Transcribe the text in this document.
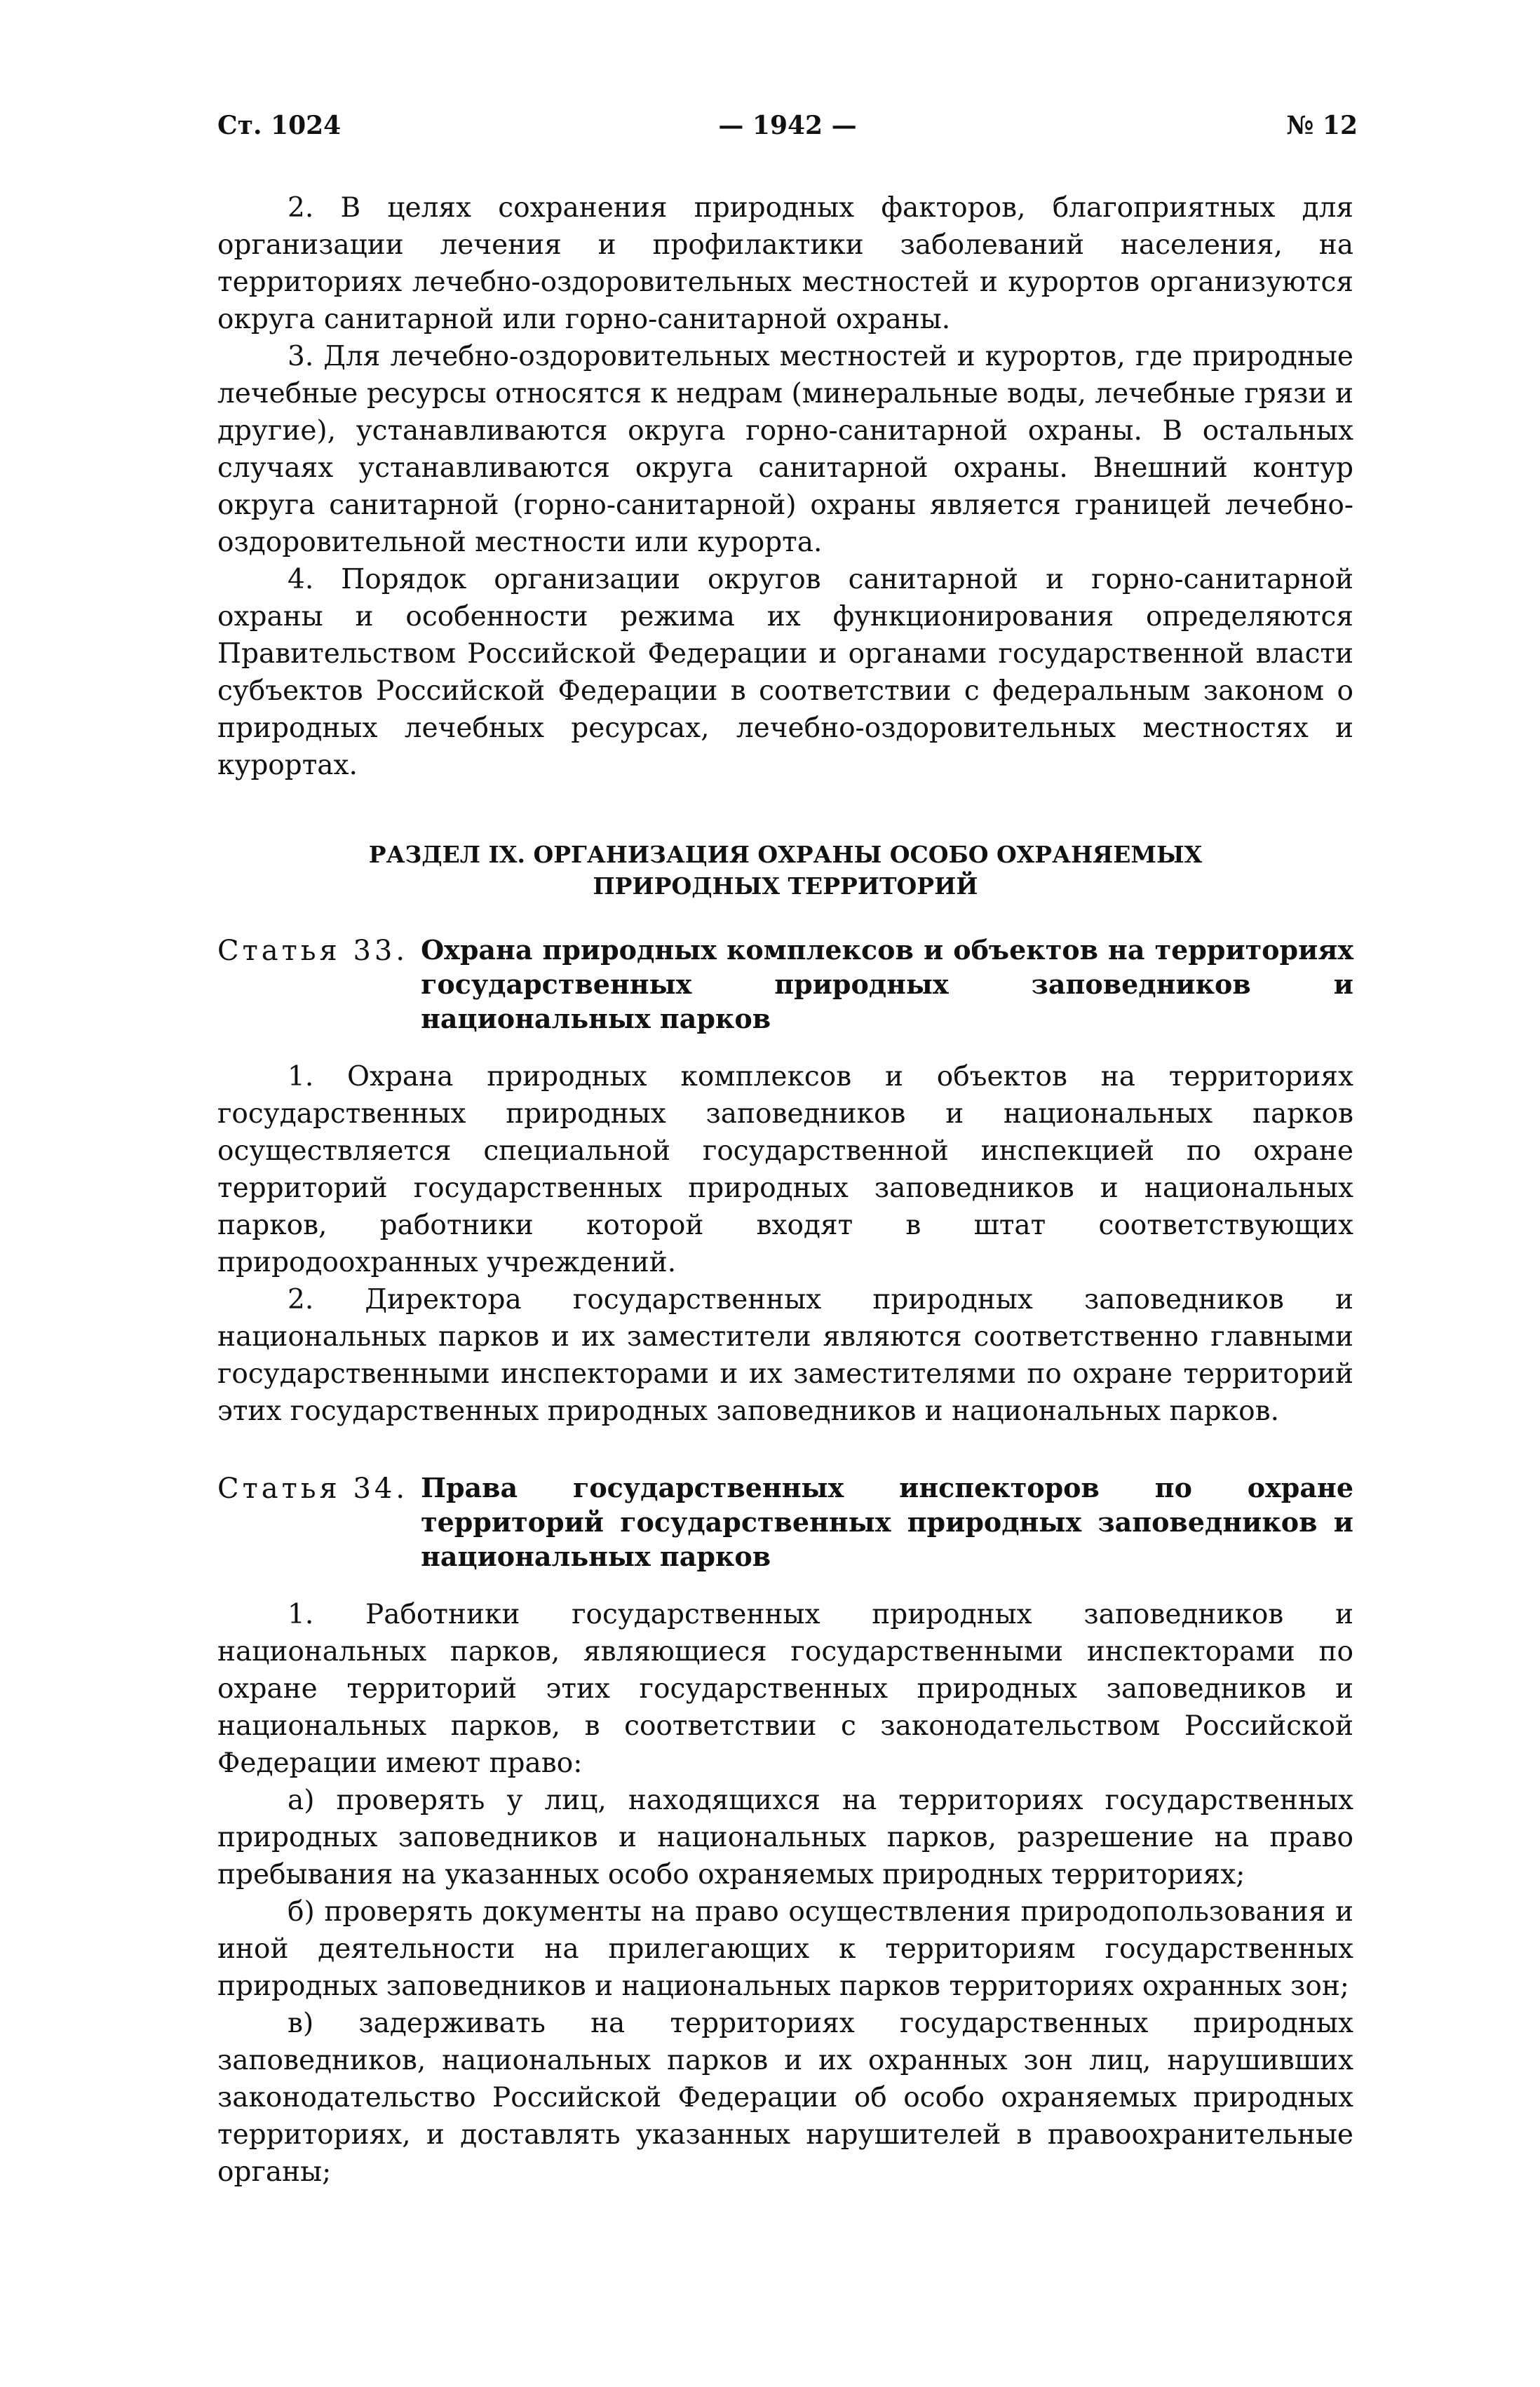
Ст. 1024	— 1942 —	№ 12

2. В целях сохранения природных факторов, благоприятных для организации лечения и профилактики заболеваний населения, на территориях лечебно-оздоровительных местностей и курортов организуются округа санитарной или горно-санитарной охраны.

3. Для лечебно-оздоровительных местностей и курортов, где природные лечебные ресурсы относятся к недрам (минеральные воды, лечебные грязи и другие), устанавливаются округа горно-санитарной охраны. В остальных случаях устанавливаются округа санитарной охраны. Внешний контур округа санитарной (горно-санитарной) охраны является границей лечебно-оздоровительной местности или курорта.

4. Порядок организации округов санитарной и горно-санитарной охраны и особенности режима их функционирования определяются Правительством Российской Федерации и органами государственной власти субъектов Российской Федерации в соответствии с федеральным законом о природных лечебных ресурсах, лечебно-оздоровительных местностях и курортах.

РАЗДЕЛ IX. ОРГАНИЗАЦИЯ ОХРАНЫ ОСОБО ОХРАНЯЕМЫХ
ПРИРОДНЫХ ТЕРРИТОРИЙ
Статья 33. Охрана природных комплексов и объектов на территориях государственных природных заповедников и национальных парков

1. Охрана природных комплексов и объектов на территориях государственных природных заповедников и национальных парков осуществляется специальной государственной инспекцией по охране территорий государственных природных заповедников и национальных парков, работники которой входят в штат соответствующих природоохранных учреждений.

2. Директора государственных природных заповедников и национальных парков и их заместители являются соответственно главными государственными инспекторами и их заместителями по охране территорий этих государственных природных заповедников и национальных парков.

Статья 34. Права государственных инспекторов по охране территорий государственных природных заповедников и национальных парков

1. Работники государственных природных заповедников и национальных парков, являющиеся государственными инспекторами по охране территорий этих государственных природных заповедников и национальных парков, в соответствии с законодательством Российской Федерации имеют право:

а) проверять у лиц, находящихся на территориях государственных природных заповедников и национальных парков, разрешение на право пребывания на указанных особо охраняемых природных территориях;

б) проверять документы на право осуществления природопользования и иной деятельности на прилегающих к территориям государственных природных заповедников и национальных парков территориях охранных зон;

в) задерживать на территориях государственных природных заповедников, национальных парков и их охранных зон лиц, нарушивших законодательство Российской Федерации об особо охраняемых природных территориях, и доставлять указанных нарушителей в правоохранительные органы;
